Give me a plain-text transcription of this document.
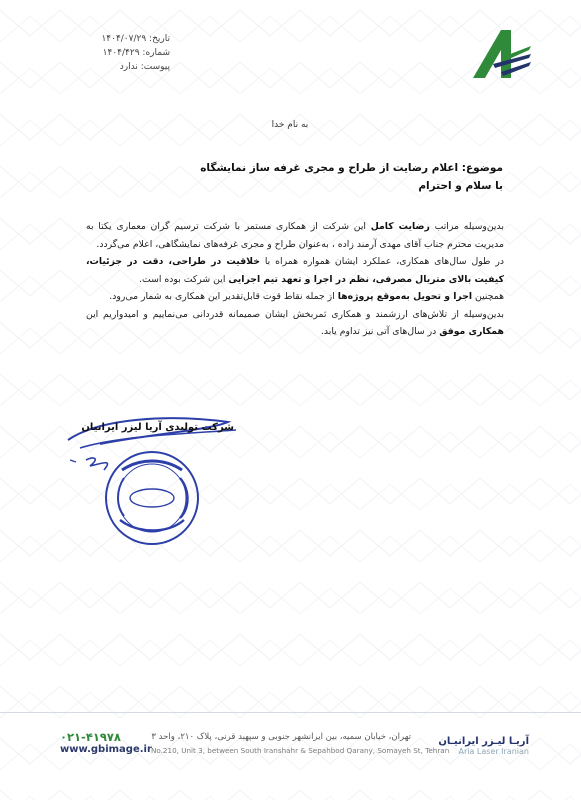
تاریخ: ۱۴۰۴/۰۷/۲۹
شماره: ۱۴۰۴/۴۲۹
پیوست: ندارد
به نام خدا
موضوع: اعلام رضایت از طراح و مجری غرفه ساز نمایشگاه
با سلام و احترام

بدین‌وسیله مراتب رضایت کامل این شرکت از همکاری مستمر با شرکت ترسیم گران معماری یکتا به مدیریت محترم جناب آقای مهدی آرمند زاده ، به‌عنوان طراح و مجری غرفه‌های نمایشگاهی، اعلام می‌گردد.

در طول سال‌های همکاری، عملکرد ایشان همواره همراه با خلاقیت در طراحی، دقت در جزئیات، کیفیت بالای متریال مصرفی، نظم در اجرا و تعهد تیم اجرایی این شرکت بوده است.

همچنین اجرا و تحویل به‌موقع پروژه‌ها از جمله نقاط قوت قابل‌تقدیر این همکاری به شمار می‌رود.

بدین‌وسیله از تلاش‌های ارزشمند و همکاری ثمربخش ایشان صمیمانه قدردانی می‌نماییم و امیدواریم این همکاری موفق در سال‌های آتی نیز تداوم یابد.

شرکت تولیدی آریا لیزر ایرانیان
آریـا لیـزر ایرانیـان
Aria Laser Iranian
تهران، خیابان سمیه، بین ایرانشهر جنوبی و سپهبد قرنی، پلاک ۲۱۰، واحد ۳
No.210, Unit 3, between South Iranshahr & Sepahbod Qarany, Somayeh St, Tehran
۰۲۱-۴۱۹۷۸
www.gbimage.ir
